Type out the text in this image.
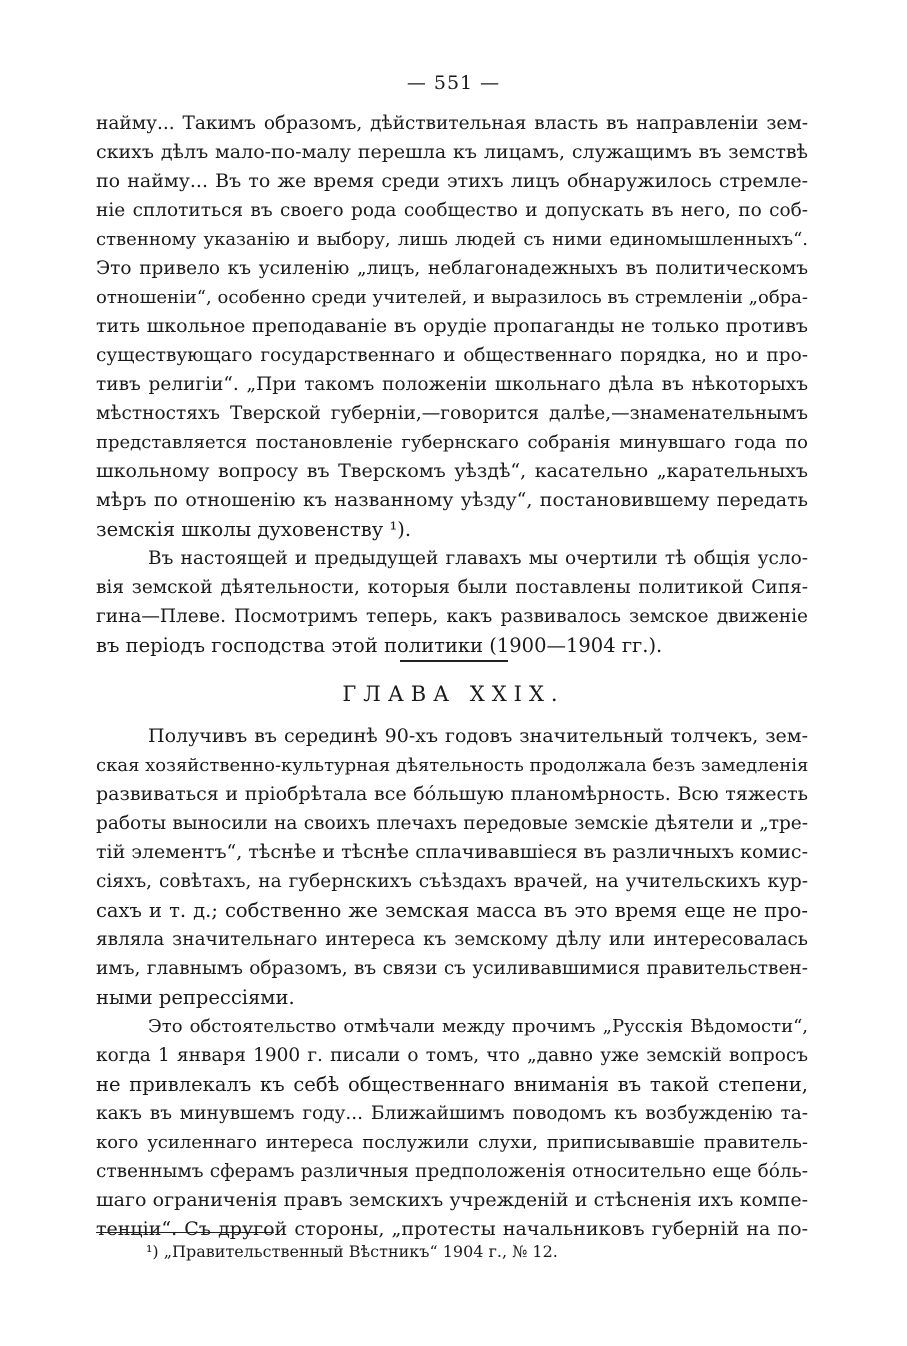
— 551 —
найму... Такимъ образомъ, дѣйствительная власть въ направленіи зем-
скихъ дѣлъ мало-по-малу перешла къ лицамъ, служащимъ въ земствѣ
по найму... Въ то же время среди этихъ лицъ обнаружилось стремле-
ніе сплотиться въ своего рода сообщество и допускать въ него, по соб-
ственному указанію и выбору, лишь людей съ ними единомышленныхъ“.
Это привело къ усиленію „лицъ, неблагонадежныхъ въ политическомъ
отношеніи“, особенно среди учителей, и выразилось въ стремленіи „обра-
тить школьное преподаваніе въ орудіе пропаганды не только противъ
существующаго государственнаго и общественнаго порядка, но и про-
тивъ религіи“. „При такомъ положеніи школьнаго дѣла въ нѣкоторыхъ
мѣстностяхъ Тверской губерніи,—говорится далѣе,—знаменательнымъ
представляется постановленіе губернскаго собранія минувшаго года по
школьному вопросу въ Тверскомъ уѣздѣ“, касательно „карательныхъ
мѣръ по отношенію къ названному уѣзду“, постановившему передать
земскія школы духовенству ¹).
Въ настоящей и предыдущей главахъ мы очертили тѣ общія усло-
вія земской дѣятельности, которыя были поставлены политикой Сипя-
гина—Плеве. Посмотримъ теперь, какъ развивалось земское движеніе
въ періодъ господства этой политики (1900—1904 гг.).
ГЛАВА XXIX.
Получивъ въ серединѣ 90-хъ годовъ значительный толчекъ, зем-
ская хозяйственно-культурная дѣятельность продолжала безъ замедленія
развиваться и пріобрѣтала все бóльшую планомѣрность. Всю тяжесть
работы выносили на своихъ плечахъ передовые земскіе дѣятели и „тре-
тій элементъ“, тѣснѣе и тѣснѣе сплачивавшіеся въ различныхъ комис-
сіяхъ, совѣтахъ, на губернскихъ съѣздахъ врачей, на учительскихъ кур-
сахъ и т. д.; собственно же земская масса въ это время еще не про-
являла значительнаго интереса къ земскому дѣлу или интересовалась
имъ, главнымъ образомъ, въ связи съ усиливавшимися правительствен-
ными репрессіями.
Это обстоятельство отмѣчали между прочимъ „Русскія Вѣдомости“,
когда 1 января 1900 г. писали о томъ, что „давно уже земскій вопросъ
не привлекалъ къ себѣ общественнаго вниманія въ такой степени,
какъ въ минувшемъ году... Ближайшимъ поводомъ къ возбужденію та-
кого усиленнаго интереса послужили слухи, приписывавшіе правитель-
ственнымъ сферамъ различныя предположенія относительно еще бóль-
шаго ограниченія правъ земскихъ учрежденій и стѣсненія ихъ компе-
тенціи“. Съ другой стороны, „протесты начальниковъ губерній на по-
¹) „Правительственный Вѣстникъ“ 1904 г., № 12.
